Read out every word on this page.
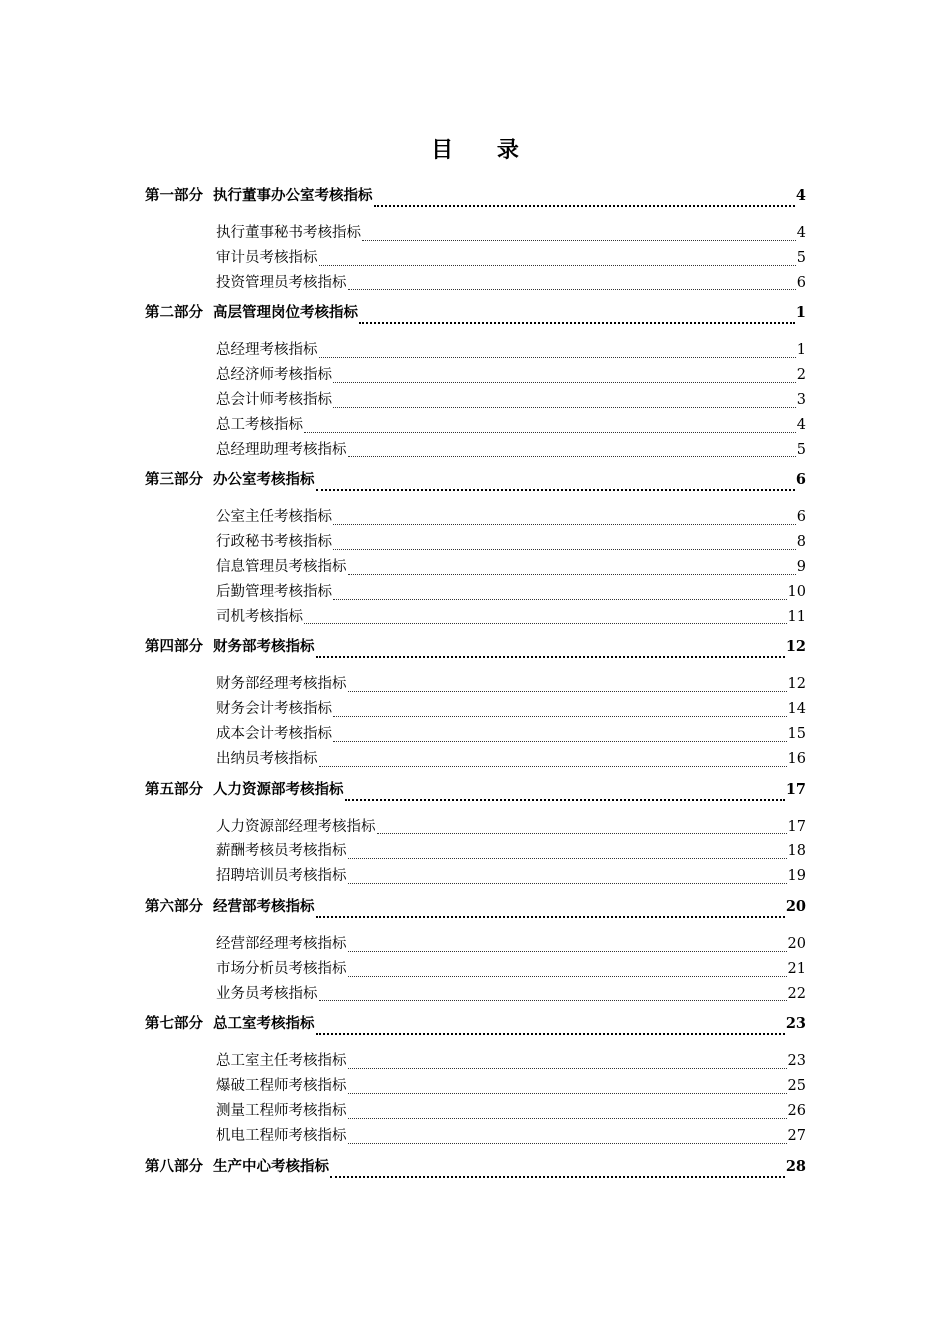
目 录
第一部分 执行董事办公室考核指标	4
执行董事秘书考核指标	4
审计员考核指标	5
投资管理员考核指标	6
第二部分 高层管理岗位考核指标	1
总经理考核指标	1
总经济师考核指标	2
总会计师考核指标	3
总工考核指标	4
总经理助理考核指标	5
第三部分 办公室考核指标	6
公室主任考核指标	6
行政秘书考核指标	8
信息管理员考核指标	9
后勤管理考核指标	10
司机考核指标	11
第四部分 财务部考核指标	12
财务部经理考核指标	12
财务会计考核指标	14
成本会计考核指标	15
出纳员考核指标	16
第五部分 人力资源部考核指标	17
人力资源部经理考核指标	17
薪酬考核员考核指标	18
招聘培训员考核指标	19
第六部分 经营部考核指标	20
经营部经理考核指标	20
市场分析员考核指标	21
业务员考核指标	22
第七部分 总工室考核指标	23
总工室主任考核指标	23
爆破工程师考核指标	25
测量工程师考核指标	26
机电工程师考核指标	27
第八部分 生产中心考核指标	28
